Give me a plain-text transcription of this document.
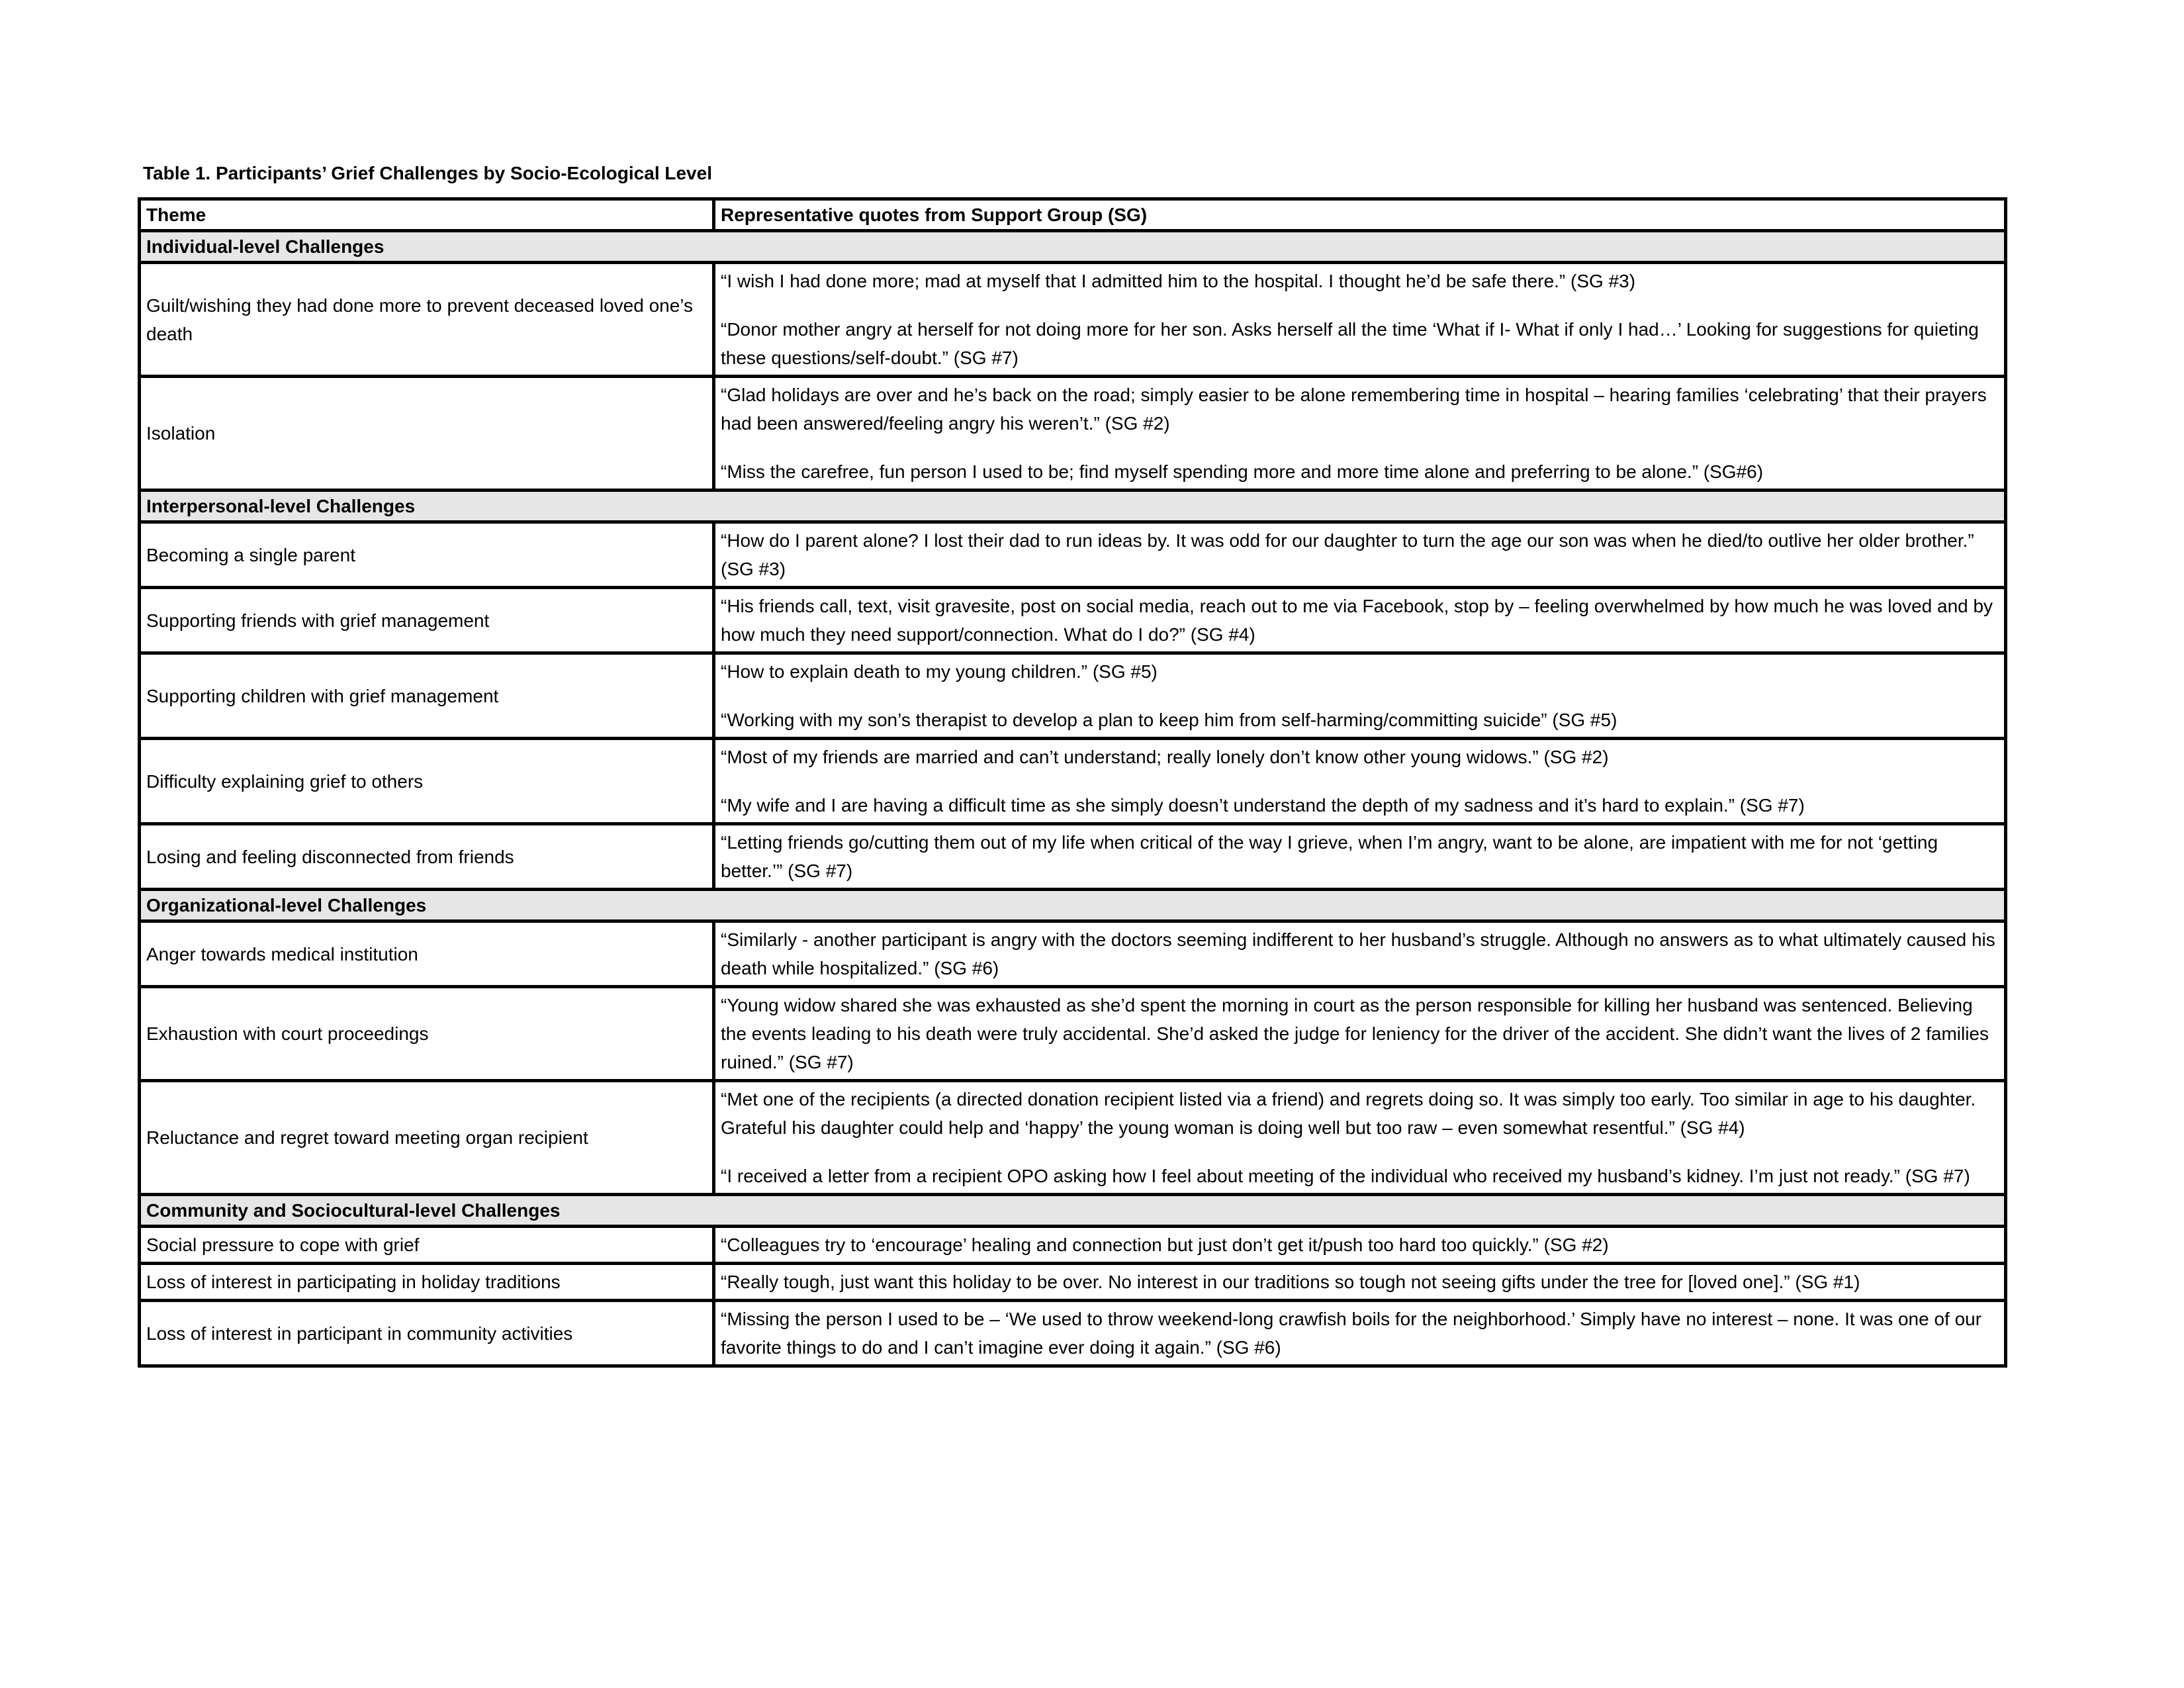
Table 1. Participants’ Grief Challenges by Socio-Ecological Level
Theme	Representative quotes from Support Group (SG)
Individual-level Challenges	
Guilt/wishing they had done more to prevent deceased loved one’s death	“I wish I had done more; mad at myself that I admitted him to the hospital. I thought he’d be safe there.” (SG #3)

“Donor mother angry at herself for not doing more for her son. Asks herself all the time ‘What if I- What if only I had…’ Looking for suggestions for quieting these questions/self-doubt.” (SG #7)

Isolation	“Glad holidays are over and he’s back on the road; simply easier to be alone remembering time in hospital – hearing families ‘celebrating’ that their prayers had been answered/feeling angry his weren’t.” (SG #2)

“Miss the carefree, fun person I used to be; find myself spending more and more time alone and preferring to be alone.” (SG#6)

Interpersonal-level Challenges	
Becoming a single parent	“How do I parent alone? I lost their dad to run ideas by. It was odd for our daughter to turn the age our son was when he died/to outlive her older brother.” (SG #3)

Supporting friends with grief management	“His friends call, text, visit gravesite, post on social media, reach out to me via Facebook, stop by – feeling overwhelmed by how much he was loved and by how much they need support/connection. What do I do?” (SG #4)

Supporting children with grief management	“How to explain death to my young children.” (SG #5)

“Working with my son’s therapist to develop a plan to keep him from self-harming/committing suicide” (SG #5)

Difficulty explaining grief to others	“Most of my friends are married and can’t understand; really lonely don’t know other young widows.” (SG #2)

“My wife and I are having a difficult time as she simply doesn’t understand the depth of my sadness and it’s hard to explain.” (SG #7)

Losing and feeling disconnected from friends	“Letting friends go/cutting them out of my life when critical of the way I grieve, when I’m angry, want to be alone, are impatient with me for not ‘getting better.’” (SG #7)

Organizational-level Challenges	
Anger towards medical institution	“Similarly - another participant is angry with the doctors seeming indifferent to her husband’s struggle. Although no answers as to what ultimately caused his death while hospitalized.” (SG #6)

Exhaustion with court proceedings	“Young widow shared she was exhausted as she’d spent the morning in court as the person responsible for killing her husband was sentenced. Believing the events leading to his death were truly accidental. She’d asked the judge for leniency for the driver of the accident. She didn’t want the lives of 2 families ruined.” (SG #7)

Reluctance and regret toward meeting organ recipient	“Met one of the recipients (a directed donation recipient listed via a friend) and regrets doing so. It was simply too early. Too similar in age to his daughter. Grateful his daughter could help and ‘happy’ the young woman is doing well but too raw – even somewhat resentful.” (SG #4)

“I received a letter from a recipient OPO asking how I feel about meeting of the individual who received my husband’s kidney. I’m just not ready.” (SG #7)

Community and Sociocultural-level Challenges	
Social pressure to cope with grief	“Colleagues try to ‘encourage’ healing and connection but just don’t get it/push too hard too quickly.” (SG #2)

Loss of interest in participating in holiday traditions	“Really tough, just want this holiday to be over. No interest in our traditions so tough not seeing gifts under the tree for [loved one].” (SG #1)

Loss of interest in participant in community activities	“Missing the person I used to be – ‘We used to throw weekend-long crawfish boils for the neighborhood.’ Simply have no interest – none. It was one of our favorite things to do and I can’t imagine ever doing it again.” (SG #6)
